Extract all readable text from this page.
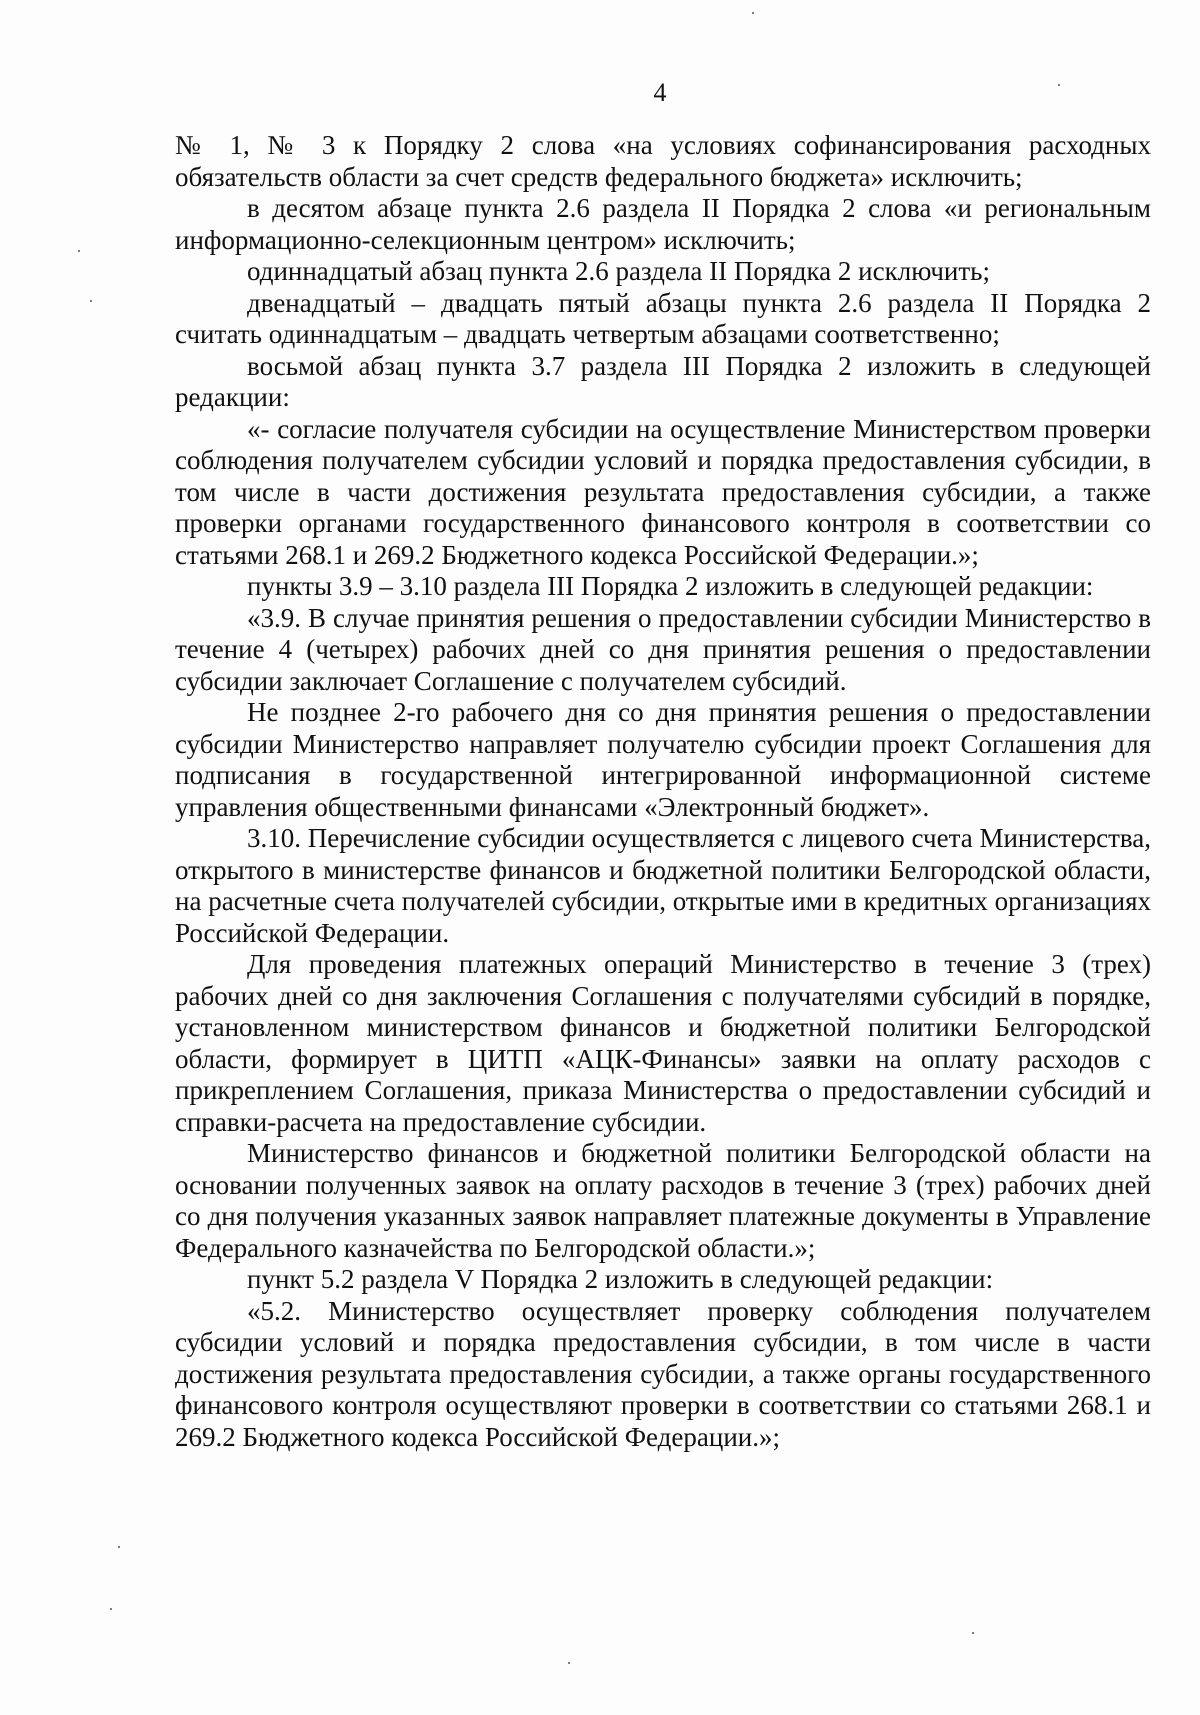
4

№ 1, № 3 к Порядку 2 слова «на условиях софинансирования расходных обязательств области за счет средств федерального бюджета» исключить;

в десятом абзаце пункта 2.6 раздела II Порядка 2 слова «и региональным информационно-селекционным центром» исключить;

одиннадцатый абзац пункта 2.6 раздела II Порядка 2 исключить;

двенадцатый – двадцать пятый абзацы пункта 2.6 раздела II Порядка 2 считать одиннадцатым – двадцать четвертым абзацами соответственно;

восьмой абзац пункта 3.7 раздела III Порядка 2 изложить в следующей редакции:

«- согласие получателя субсидии на осуществление Министерством проверки соблюдения получателем субсидии условий и порядка предоставления субсидии, в том числе в части достижения результата предоставления субсидии, а также проверки органами государственного финансового контроля в соответствии со статьями 268.1 и 269.2 Бюджетного кодекса Российской Федерации.»;

пункты 3.9 – 3.10 раздела III Порядка 2 изложить в следующей редакции:

«3.9. В случае принятия решения о предоставлении субсидии Министерство в течение 4 (четырех) рабочих дней со дня принятия решения о предоставлении субсидии заключает Соглашение с получателем субсидий.

Не позднее 2-го рабочего дня со дня принятия решения о предоставлении субсидии Министерство направляет получателю субсидии проект Соглашения для подписания в государственной интегрированной информационной системе управления общественными финансами «Электронный бюджет».

3.10. Перечисление субсидии осуществляется с лицевого счета Министерства, открытого в министерстве финансов и бюджетной политики Белгородской области, на расчетные счета получателей субсидии, открытые ими в кредитных организациях Российской Федерации.

Для проведения платежных операций Министерство в течение 3 (трех) рабочих дней со дня заключения Соглашения с получателями субсидий в порядке, установленном министерством финансов и бюджетной политики Белгородской области, формирует в ЦИТП «АЦК-Финансы» заявки на оплату расходов с прикреплением Соглашения, приказа Министерства о предоставлении субсидий и справки-расчета на предоставление субсидии.

Министерство финансов и бюджетной политики Белгородской области на основании полученных заявок на оплату расходов в течение 3 (трех) рабочих дней со дня получения указанных заявок направляет платежные документы в Управление Федерального казначейства по Белгородской области.»;

пункт 5.2 раздела V Порядка 2 изложить в следующей редакции:

«5.2. Министерство осуществляет проверку соблюдения получателем субсидии условий и порядка предоставления субсидии, в том числе в части достижения результата предоставления субсидии, а также органы государственного финансового контроля осуществляют проверки в соответствии со статьями 268.1 и 269.2 Бюджетного кодекса Российской Федерации.»;
